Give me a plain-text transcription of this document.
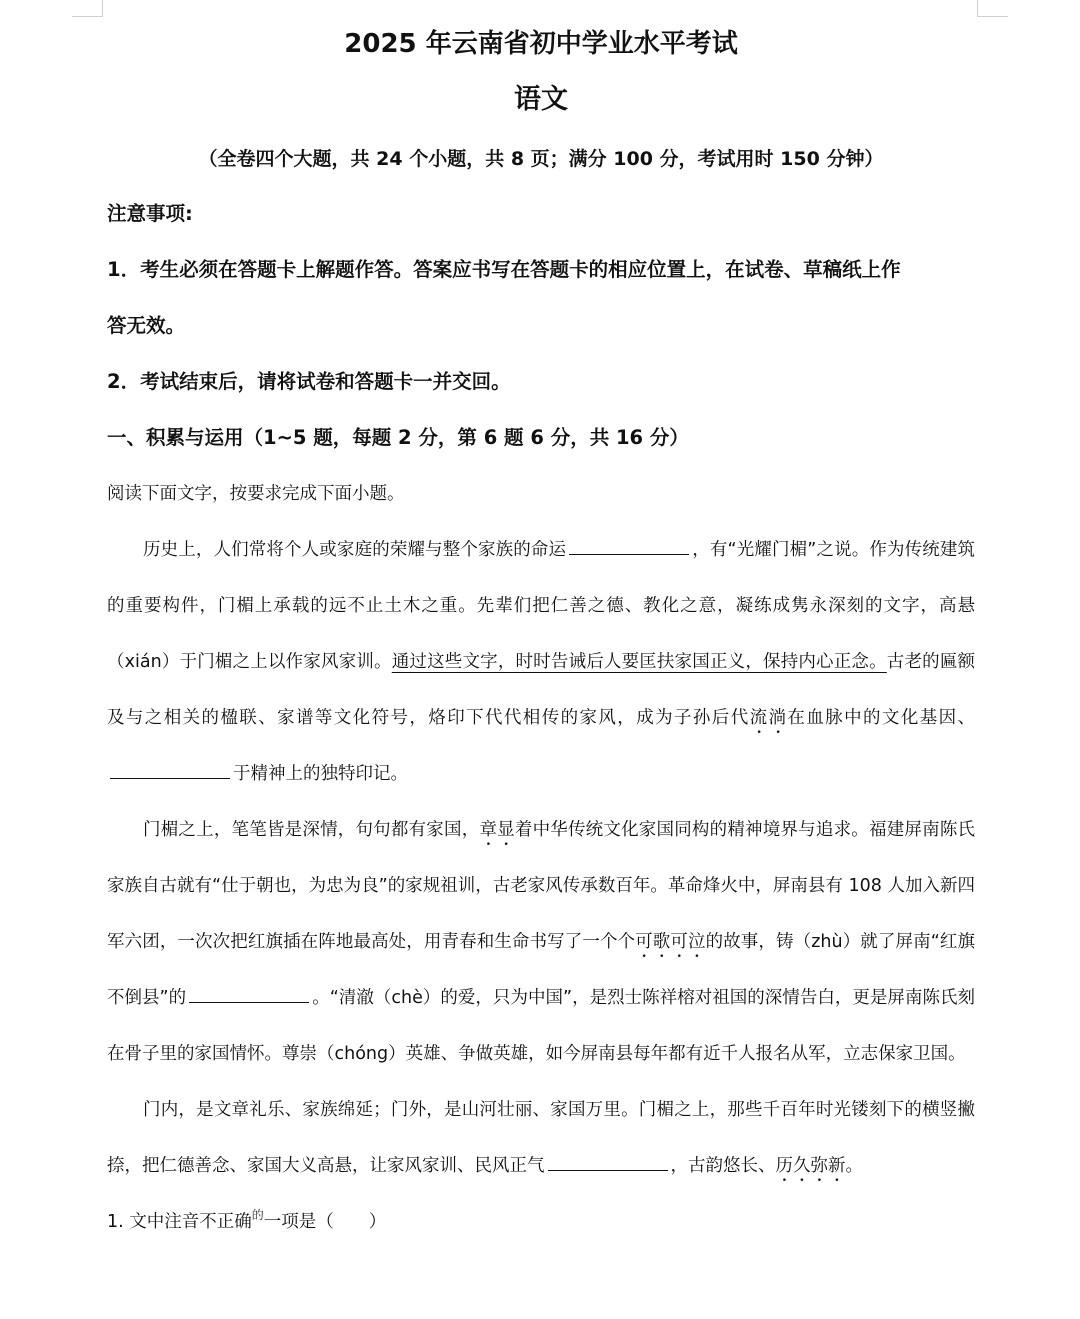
2025 年云南省初中学业水平考试
语文
（全卷四个大题，共 24 个小题，共 8 页；满分 100 分，考试用时 150 分钟）
注意事项:
1．考生必须在答题卡上解题作答。答案应书写在答题卡的相应位置上，在试卷、草稿纸上作
答无效。
2．考试结束后，请将试卷和答题卡一并交回。
一、积累与运用（1~5 题，每题 2 分，第 6 题 6 分，共 16 分）
阅读下面文字，按要求完成下面小题。

历史上，人们常将个人或家庭的荣耀与整个家族的命运	，有“光耀门楣”之说。作为传统建筑的重要构件，门楣上承载的远不止土木之重。先辈们把仁善之德、教化之意，凝练成隽永深刻的文字，高悬（xián）于门楣之上以作家风家训。通过这些文字，时时告诫后人要匡扶家国正义，保持内心正念。古老的匾额及与之相关的楹联、家谱等文化符号，烙印下代代相传的家风，成为子孙后代流淌在血脉中的文化基因、于精神上的独特印记。

门楣之上，笔笔皆是深情，句句都有家国，章显着中华传统文化家国同构的精神境界与追求。福建屏南陈氏家族自古就有“仕于朝也，为忠为良”的家规祖训，古老家风传承数百年。革命烽火中，屏南县有 108 人加入新四军六团，一次次把红旗插在阵地最高处，用青春和生命书写了一个个可歌可泣的故事，铸（zhù）就了屏南“红旗不倒县”的	。“清澈（chè）的爱，只为中国”，是烈士陈祥榕对祖国的深情告白，更是屏南陈氏刻在骨子里的家国情怀。尊崇（chóng）英雄、争做英雄，如今屏南县每年都有近千人报名从军，立志保家卫国。

门内，是文章礼乐、家族绵延；门外，是山河壮丽、家国万里。门楣之上，那些千百年时光镂刻下的横竖撇捺，把仁德善念、家国大义高悬，让家风家训、民风正气	，古韵悠长、历久弥新。

1. 文中注音不正确$^的$一项是（　　）
